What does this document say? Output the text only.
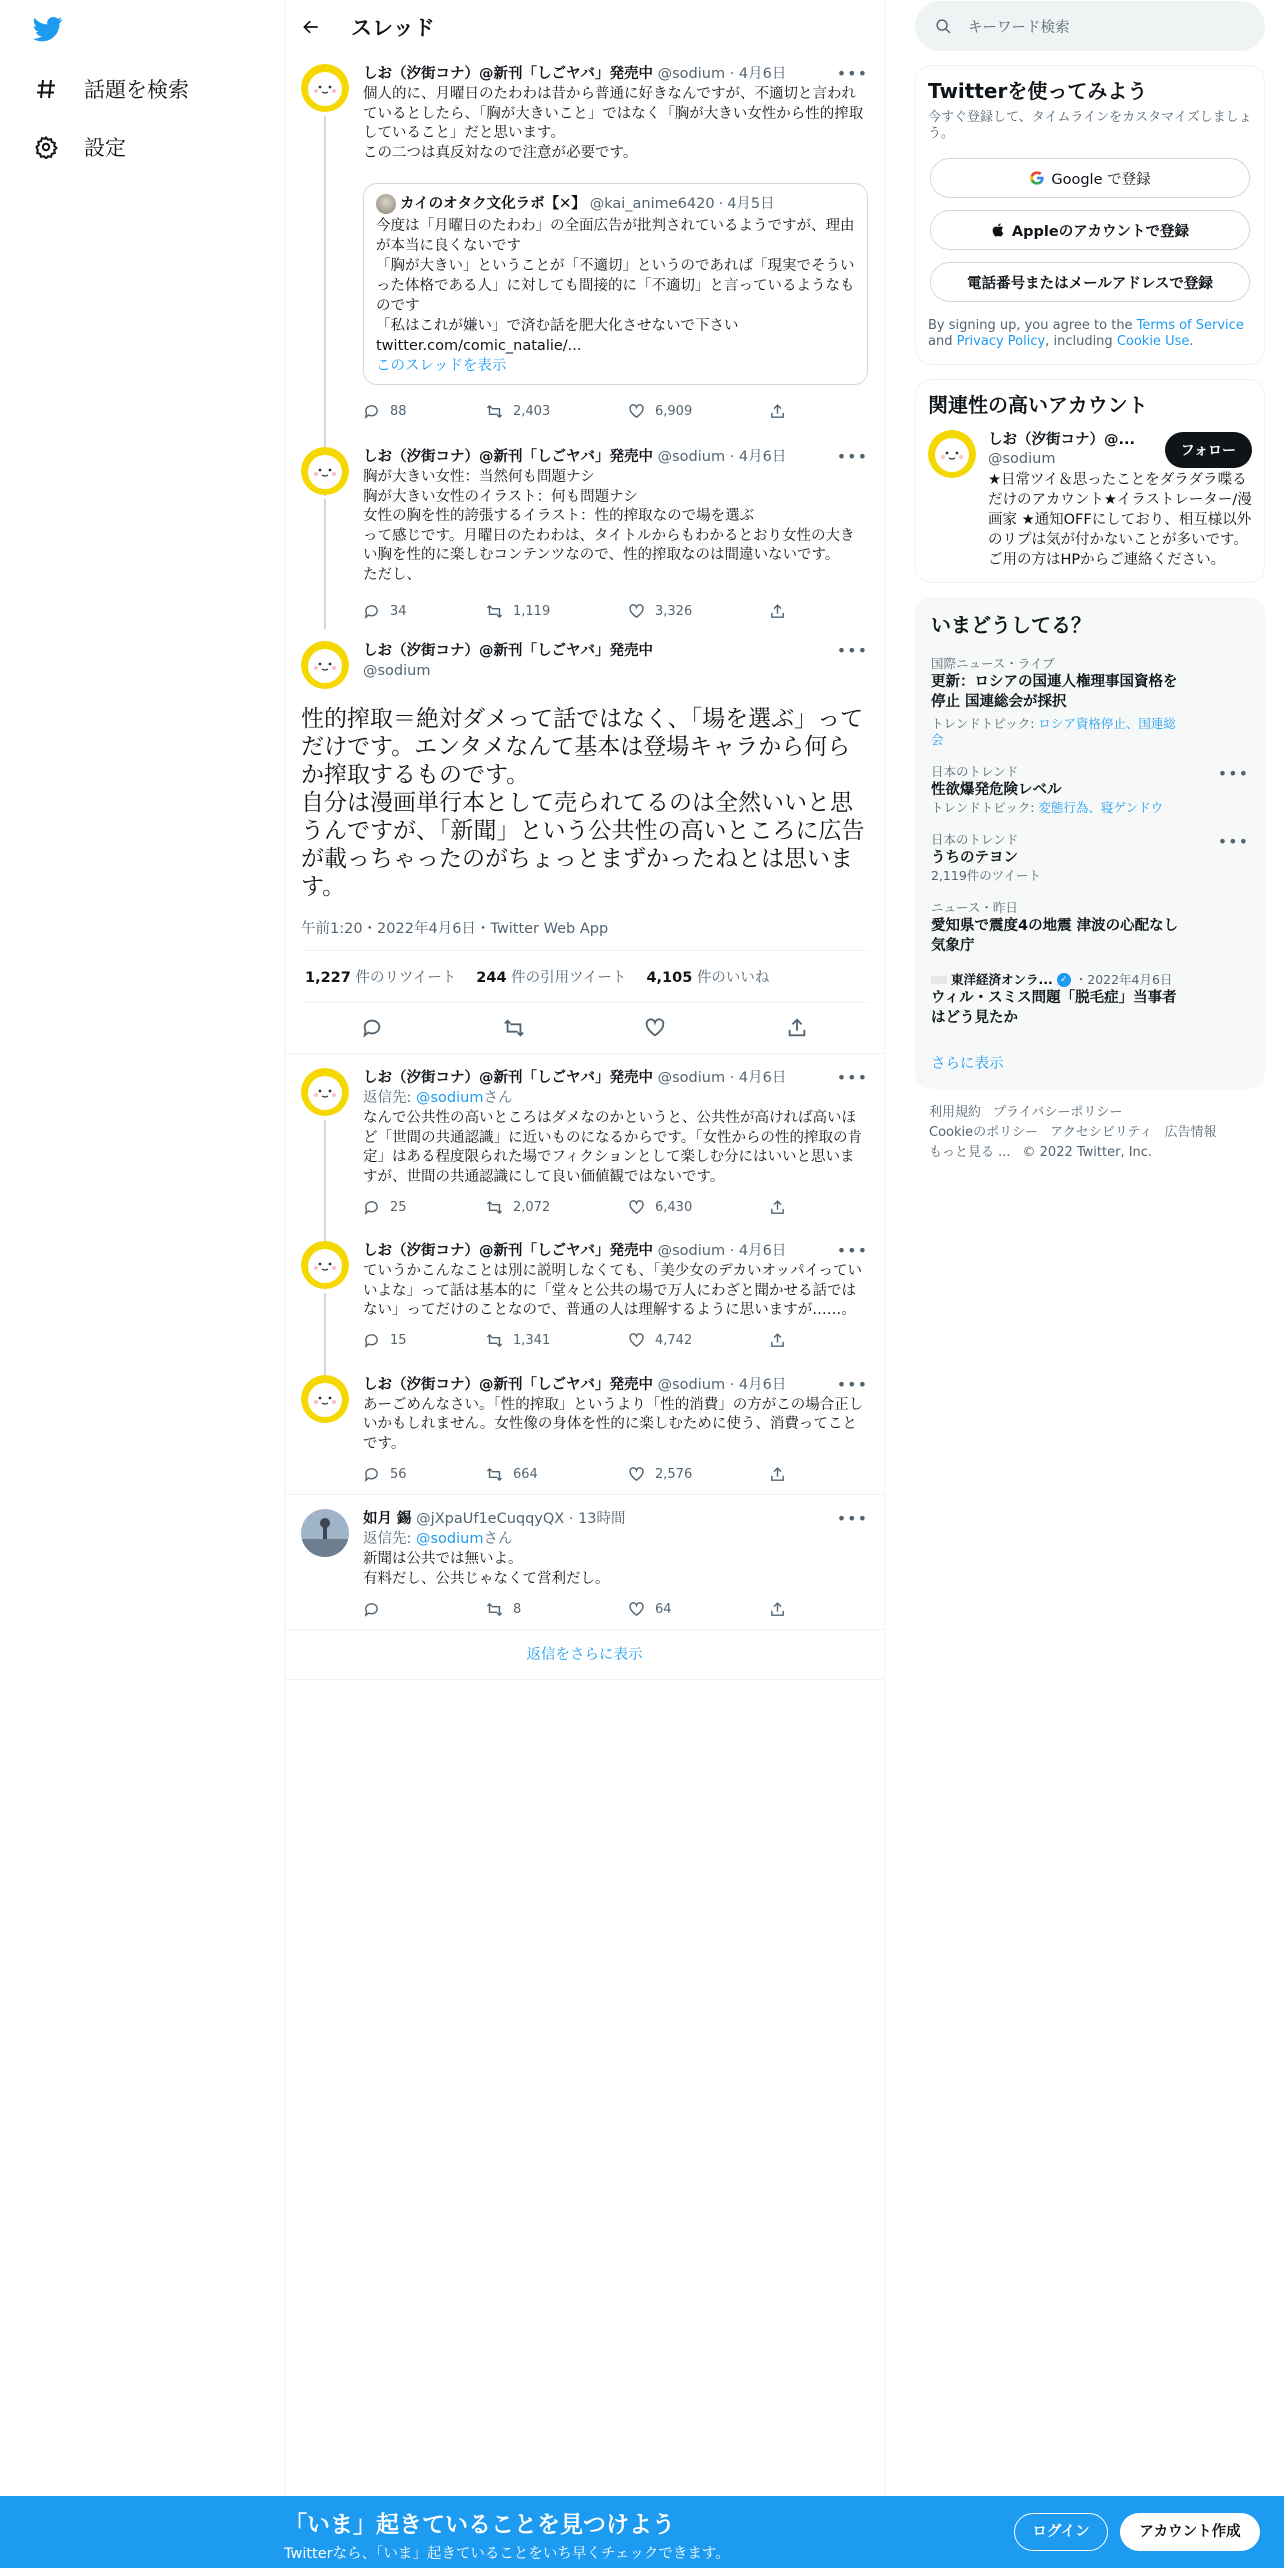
話題を検索
設定
スレッド
しお（汐街コナ）@新刊「しごヤバ」発売中 @sodium · 4月6日	•••
個人的に、月曜日のたわわは昔から普通に好きなんですが、不適切と言われているとしたら、「胸が大きいこと」ではなく「胸が大きい女性から性的搾取していること」だと思います。
この二つは真反対なので注意が必要です。
カイのオタク文化ラボ【✕】 @kai_anime6420 · 4月5日
今度は「月曜日のたわわ」の全面広告が批判されているようですが、理由が本当に良くないです
「胸が大きい」ということが「不適切」というのであれば「現実でそういった体格である人」に対しても間接的に「不適切」と言っているようなものです
「私はこれが嫌い」で済む話を肥大化させないで下さい
twitter.com/comic_natalie/...
このスレッドを表示
88	2,403	6,909
しお（汐街コナ）@新刊「しごヤバ」発売中 @sodium · 4月6日	•••
胸が大きい女性：当然何も問題ナシ
胸が大きい女性のイラスト：何も問題ナシ
女性の胸を性的誇張するイラスト：性的搾取なので場を選ぶ
って感じです。月曜日のたわわは、タイトルからもわかるとおり女性の大きい胸を性的に楽しむコンテンツなので、性的搾取なのは間違いないです。
ただし、
34	1,119	3,326
しお（汐街コナ）@新刊「しごヤバ」発売中
@sodium
•••
性的搾取＝絶対ダメって話ではなく、「場を選ぶ」ってだけです。エンタメなんて基本は登場キャラから何らか搾取するものです。
自分は漫画単行本として売られてるのは全然いいと思うんですが、「新聞」という公共性の高いところに広告が載っちゃったのがちょっとまずかったねとは思います。
午前1:20・2022年4月6日・Twitter Web App
1,227 件のリツイート 244 件の引用ツイート 4,105 件のいいね
しお（汐街コナ）@新刊「しごヤバ」発売中 @sodium · 4月6日	•••
返信先: @sodiumさん
なんで公共性の高いところはダメなのかというと、公共性が高ければ高いほど「世間の共通認識」に近いものになるからです。「女性からの性的搾取の肯定」はある程度限られた場でフィクションとして楽しむ分にはいいと思いますが、世間の共通認識にして良い価値観ではないです。
25	2,072	6,430
しお（汐街コナ）@新刊「しごヤバ」発売中 @sodium · 4月6日	•••
ていうかこんなことは別に説明しなくても、「美少女のデカいオッパイっていいよな」って話は基本的に「堂々と公共の場で万人にわざと聞かせる話ではない」ってだけのことなので、普通の人は理解するように思いますが……。
15	1,341	4,742
しお（汐街コナ）@新刊「しごヤバ」発売中 @sodium · 4月6日	•••
あーごめんなさい。「性的搾取」というより「性的消費」の方がこの場合正しいかもしれません。女性像の身体を性的に楽しむために使う、消費ってことです。
56	664	2,576
如月 錫 @jXpaUf1eCuqqyQX · 13時間	•••
返信先: @sodiumさん
新聞は公共では無いよ。
有料だし、公共じゃなくて営利だし。
8	64
返信をさらに表示
キーワード検索
Twitterを使ってみよう
今すぐ登録して、タイムラインをカスタマイズしましょう。
Google で登録
Appleのアカウントで登録
電話番号またはメールアドレスで登録
By signing up, you agree to the Terms of Service and Privacy Policy, including Cookie Use.
関連性の高いアカウント
しお（汐街コナ）@...
@sodium
★日常ツイ＆思ったことをダラダラ喋るだけのアカウント★イラストレーター/漫画家 ★通知OFFにしており、相互様以外のリプは気が付かないことが多いです。ご用の方はHPからご連絡ください。
フォロー
いまどうしてる？
国際ニュース・ライブ
更新：ロシアの国連人権理事国資格を停止 国連総会が採択
トレンドトピック: ロシア資格停止、国連総会
日本のトレンド
性欲爆発危険レベル
トレンドトピック: 変態行為、寝ゲンドウ
•••
日本のトレンド
うちのテヨン
2,119件のツイート
•••
ニュース・昨日
愛知県で震度4の地震 津波の心配なし 気象庁
東洋経済オンラ... ✓ ・2022年4月6日
ウィル・スミス問題「脱毛症」当事者はどう見たか
さらに表示
利用規約 プライバシーポリシー
Cookieのポリシー アクセシビリティ 広告情報
もっと見る ... © 2022 Twitter, Inc.
「いま」起きていることを見つけよう
Twitterなら、「いま」起きていることをいち早くチェックできます。
ログイン	アカウント作成
